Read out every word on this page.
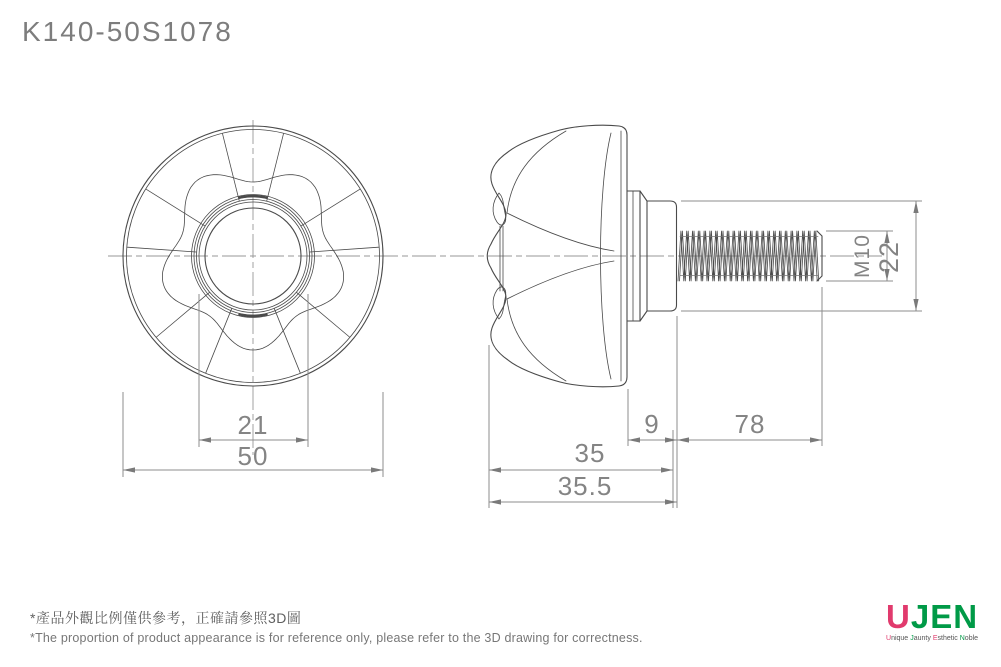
K140-50S1078
21
50
9	78
35
35.5
M10 22
*產品外觀比例僅供參考，正確請參照3D圖
*The proportion of product appearance is for reference only, please refer to the 3D drawing for correctness.
UJEN
Unique Jaunty Esthetic Noble
